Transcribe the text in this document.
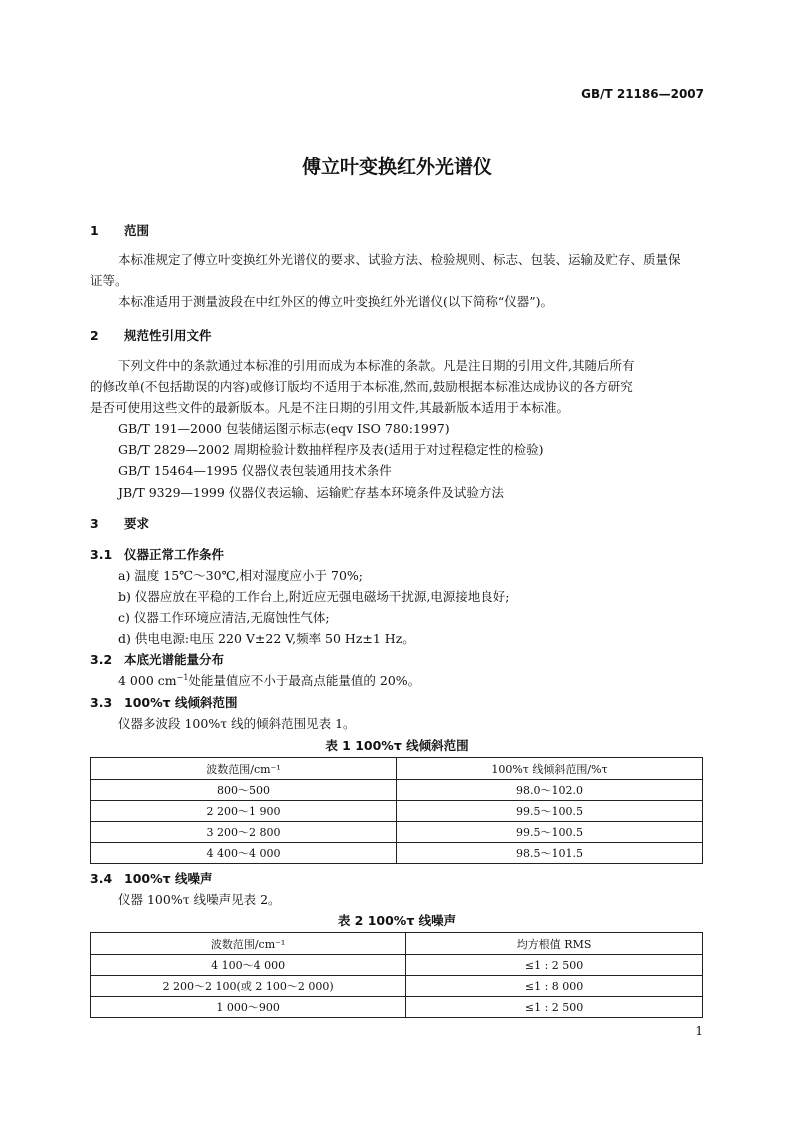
GB/T 21186—2007
傅立叶变换红外光谱仪
1 范围
本标准规定了傅立叶变换红外光谱仪的要求、试验方法、检验规则、标志、包装、运输及贮存、质量保
证等。
本标准适用于测量波段在中红外区的傅立叶变换红外光谱仪(以下简称“仪器”)。
2 规范性引用文件
下列文件中的条款通过本标准的引用而成为本标准的条款。凡是注日期的引用文件,其随后所有
的修改单(不包括勘误的内容)或修订版均不适用于本标准,然而,鼓励根据本标准达成协议的各方研究
是否可使用这些文件的最新版本。凡是不注日期的引用文件,其最新版本适用于本标准。
GB/T 191—2000 包装储运图示标志(eqv ISO 780:1997)
GB/T 2829—2002 周期检验计数抽样程序及表(适用于对过程稳定性的检验)
GB/T 15464—1995 仪器仪表包装通用技术条件
JB/T 9329—1999 仪器仪表运输、运输贮存基本环境条件及试验方法
3 要求
3.1 仪器正常工作条件
a) 温度 15℃～30℃,相对湿度应小于 70%;
b) 仪器应放在平稳的工作台上,附近应无强电磁场干扰源,电源接地良好;
c) 仪器工作环境应清洁,无腐蚀性气体;
d) 供电电源:电压 220 V±22 V,频率 50 Hz±1 Hz。
3.2 本底光谱能量分布
4 000 $cm^{-1}$处能量值应不小于最高点能量值的 20%。
3.3 100%τ 线倾斜范围
仪器多波段 100%τ 线的倾斜范围见表 1。
表 1 100%τ 线倾斜范围
波数范围/cm⁻¹	100%τ 线倾斜范围/%τ
800～500	98.0～102.0
2 200～1 900	99.5～100.5
3 200～2 800	99.5～100.5
4 400～4 000	98.5～101.5
3.4 100%τ 线噪声
仪器 100%τ 线噪声见表 2。
表 2 100%τ 线噪声
波数范围/cm⁻¹	均方根值 RMS
4 100～4 000	≤1 : 2 500
2 200～2 100(或 2 100～2 000)	≤1 : 8 000
1 000～900	≤1 : 2 500
1
